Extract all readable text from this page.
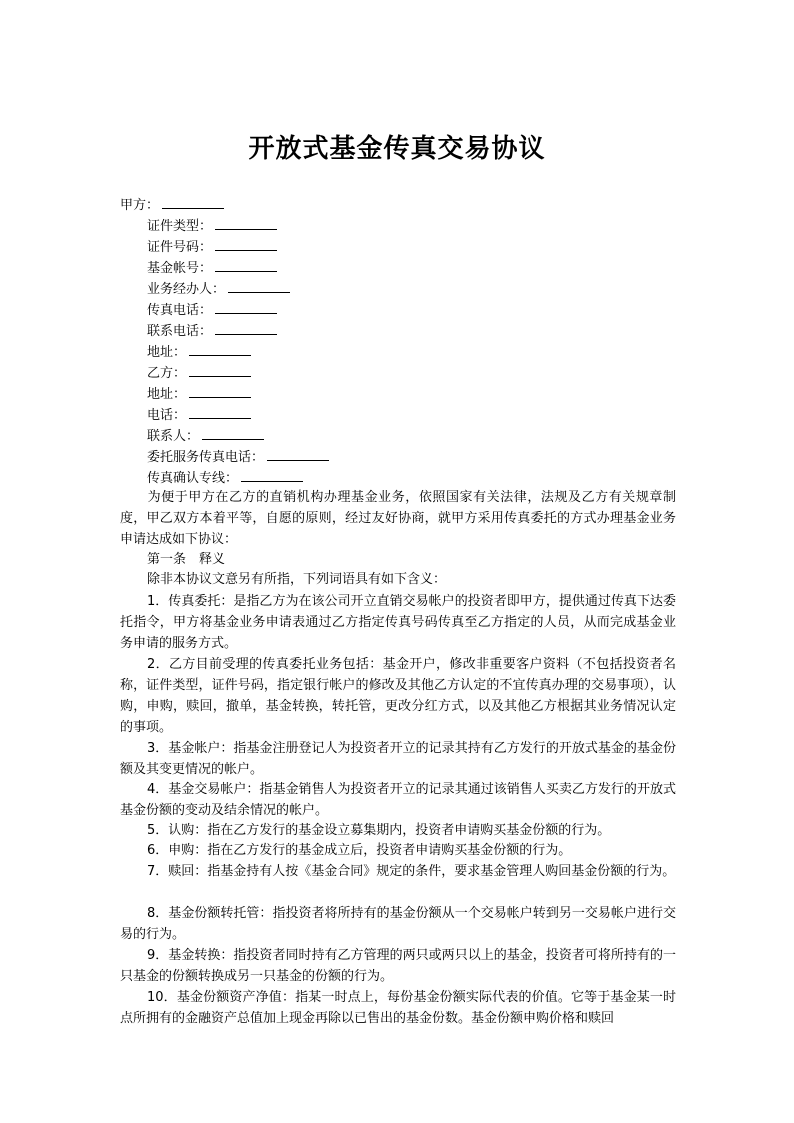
开放式基金传真交易协议
甲方：
证件类型：
证件号码：
基金帐号：
业务经办人：
传真电话：
联系电话：
地址：
乙方：
地址：
电话：
联系人：
委托服务传真电话：
传真确认专线：
为便于甲方在乙方的直销机构办理基金业务，依照国家有关法律，法规及乙方有关规章制度，甲乙双方本着平等，自愿的原则，经过友好协商，就甲方采用传真委托的方式办理基金业务申请达成如下协议：
第一条　释义
除非本协议文意另有所指，下列词语具有如下含义：
1．传真委托：是指乙方为在该公司开立直销交易帐户的投资者即甲方，提供通过传真下达委托指令，甲方将基金业务申请表通过乙方指定传真号码传真至乙方指定的人员，从而完成基金业务申请的服务方式。
2．乙方目前受理的传真委托业务包括：基金开户，修改非重要客户资料（不包括投资者名称，证件类型，证件号码，指定银行帐户的修改及其他乙方认定的不宜传真办理的交易事项），认购，申购，赎回，撤单，基金转换，转托管，更改分红方式，以及其他乙方根据其业务情况认定的事项。
3．基金帐户：指基金注册登记人为投资者开立的记录其持有乙方发行的开放式基金的基金份额及其变更情况的帐户。
4．基金交易帐户：指基金销售人为投资者开立的记录其通过该销售人买卖乙方发行的开放式基金份额的变动及结余情况的帐户。
5．认购：指在乙方发行的基金设立募集期内，投资者申请购买基金份额的行为。
6．申购：指在乙方发行的基金成立后，投资者申请购买基金份额的行为。
7．赎回：指基金持有人按《基金合同》规定的条件，要求基金管理人购回基金份额的行为。
8．基金份额转托管：指投资者将所持有的基金份额从一个交易帐户转到另一交易帐户进行交易的行为。
9．基金转换：指投资者同时持有乙方管理的两只或两只以上的基金，投资者可将所持有的一只基金的份额转换成另一只基金的份额的行为。
10．基金份额资产净值：指某一时点上，每份基金份额实际代表的价值。它等于基金某一时点所拥有的金融资产总值加上现金再除以已售出的基金份数。基金份额申购价格和赎回
